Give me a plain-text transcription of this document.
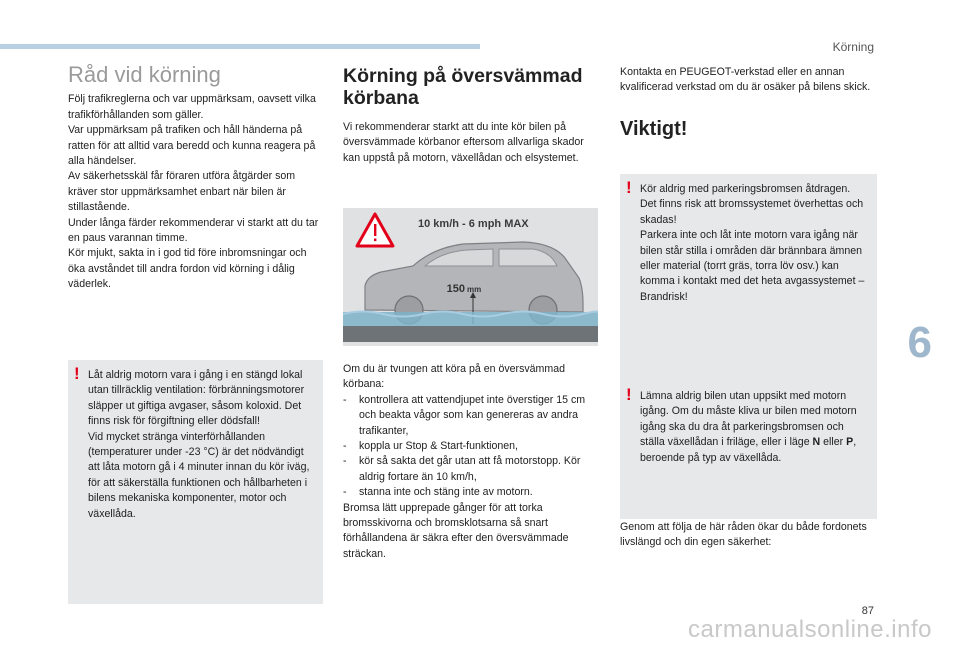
Körning
6
Råd vid körning

Följ trafikreglerna och var uppmärksam, oavsett vilka trafikförhållanden som gäller.

Var uppmärksam på trafiken och håll händerna på ratten för att alltid vara beredd och kunna reagera på alla händelser.

Av säkerhetsskäl får föraren utföra åtgärder som kräver stor uppmärksamhet enbart när bilen är stillastående.

Under långa färder rekommenderar vi starkt att du tar en paus varannan timme.

Kör mjukt, sakta in i god tid före inbromsningar och öka avståndet till andra fordon vid körning i dålig väderlek.

! Låt aldrig motorn vara i gång i en stängd lokal utan tillräcklig ventilation: förbränningsmotorer släpper ut giftiga avgaser, såsom koloxid. Det finns risk för förgiftning eller dödsfall!

Vid mycket stränga vinterförhållanden (temperaturer under -23 °C) är det nödvändigt att låta motorn gå i 4 minuter innan du kör iväg, för att säkerställa funktionen och hållbarheten i bilens mekaniska komponenter, motor och växellåda.

Körning på översvämmad körbana

Vi rekommenderar starkt att du inte kör bilen på översvämmade körbanor eftersom allvarliga skador kan uppstå på motorn, växellådan och elsystemet.

10 km/h - 6 mph MAX
150 mm

Om du är tvungen att köra på en översvämmad körbana:

- kontrollera att vattendjupet inte överstiger 15 cm och beakta vågor som kan genereras av andra trafikanter,
- koppla ur Stop & Start-funktionen,
- kör så sakta det går utan att få motorstopp. Kör aldrig fortare än 10 km/h,
- stanna inte och stäng inte av motorn.

Bromsa lätt upprepade gånger för att torka bromsskivorna och bromsklotsarna så snart förhållandena är säkra efter den översvämmade sträckan.

Kontakta en PEUGEOT-verkstad eller en annan kvalificerad verkstad om du är osäker på bilens skick.

Viktigt!
! Kör aldrig med parkeringsbromsen åtdragen. Det finns risk att bromssystemet överhettas och skadas!

Parkera inte och låt inte motorn vara igång när bilen står stilla i områden där brännbara ämnen eller material (torrt gräs, torra löv osv.) kan komma i kontakt med det heta avgassystemet – Brandrisk!

! Lämna aldrig bilen utan uppsikt med motorn igång. Om du måste kliva ur bilen med motorn igång ska du dra åt parkeringsbromsen och ställa växellådan i friläge, eller i läge N eller P, beroende på typ av växellåda.

Genom att följa de här råden ökar du både fordonets livslängd och din egen säkerhet:

87
carmanualsonline.info
